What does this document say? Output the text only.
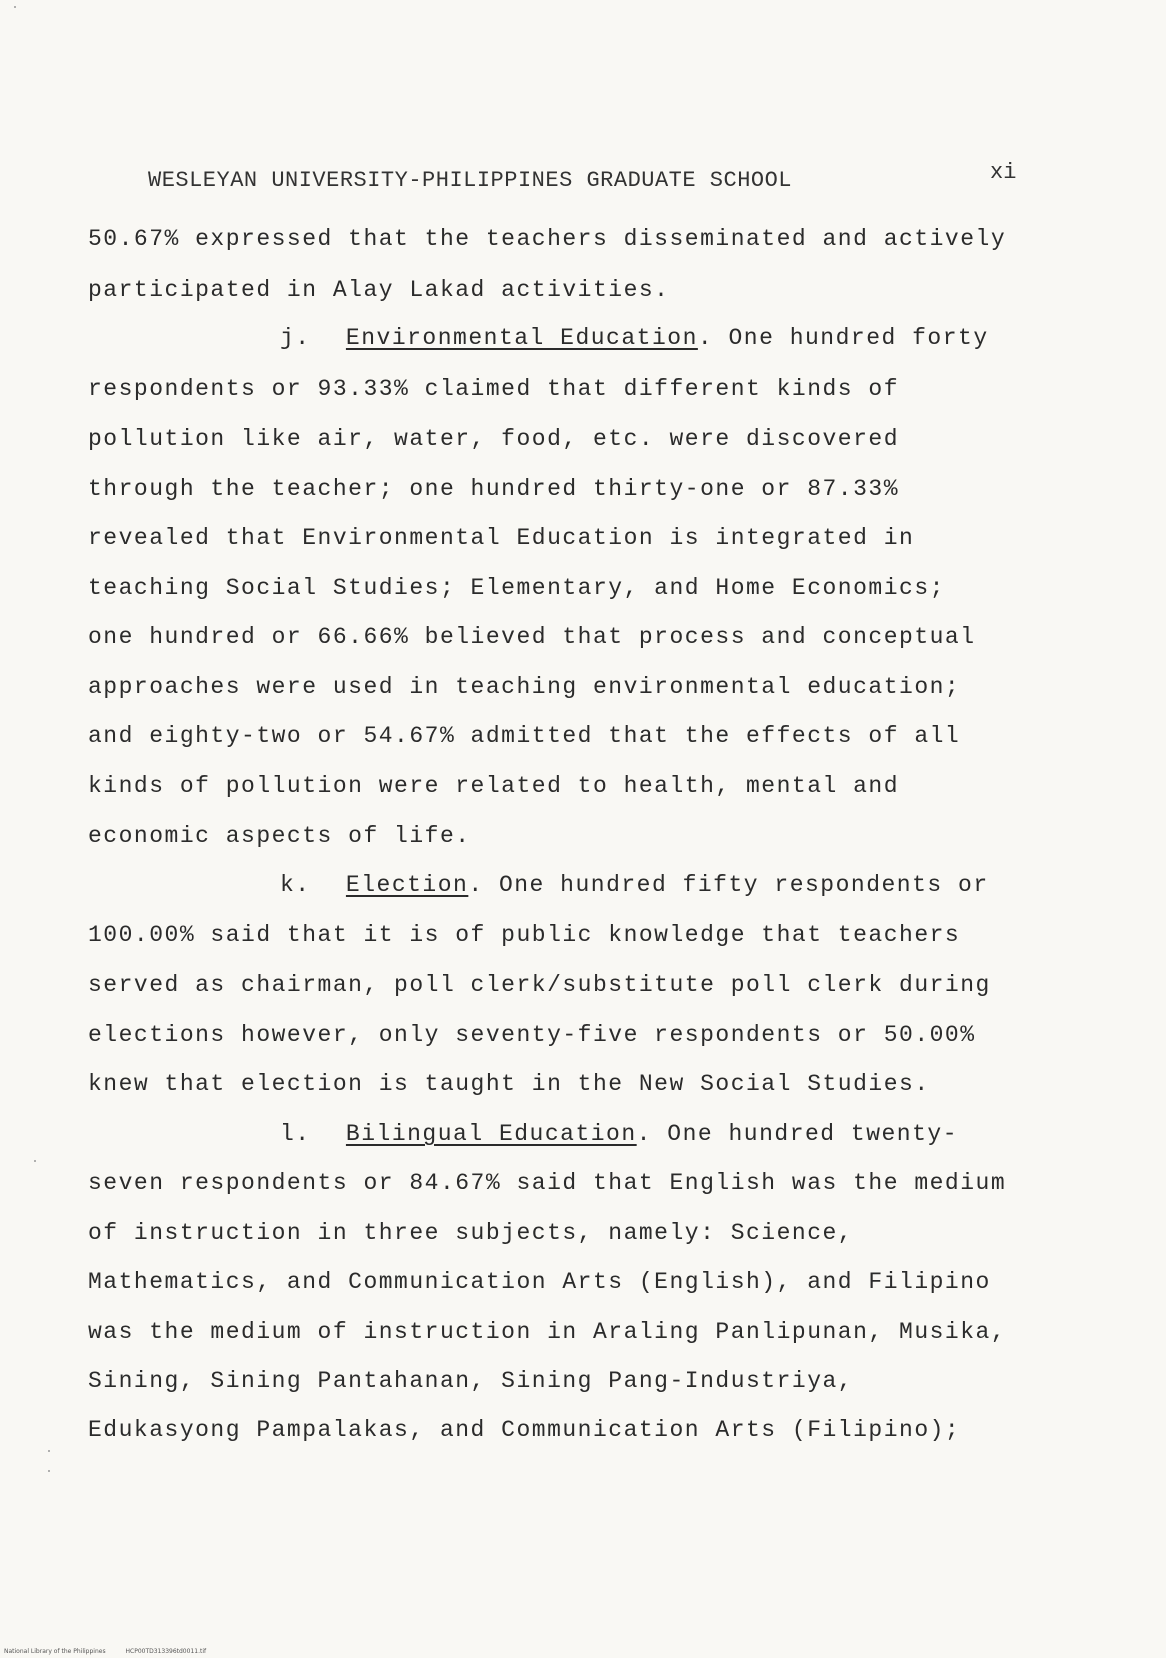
WESLEYAN UNIVERSITY-PHILIPPINES GRADUATE SCHOOL	xi
50.67% expressed that the teachers disseminated and actively
participated in Alay Lakad activities.
j. Environmental Education. One hundred forty
respondents or 93.33% claimed that different kinds of
pollution like air, water, food, etc. were discovered
through the teacher; one hundred thirty-one or 87.33%
revealed that Environmental Education is integrated in
teaching Social Studies; Elementary, and Home Economics;
one hundred or 66.66% believed that process and conceptual
approaches were used in teaching environmental education;
and eighty-two or 54.67% admitted that the effects of all
kinds of pollution were related to health, mental and
economic aspects of life.
k. Election. One hundred fifty respondents or
100.00% said that it is of public knowledge that teachers
served as chairman, poll clerk/substitute poll clerk during
elections however, only seventy-five respondents or 50.00%
knew that election is taught in the New Social Studies.
l. Bilingual Education. One hundred twenty-
seven respondents or 84.67% said that English was the medium
of instruction in three subjects, namely: Science,
Mathematics, and Communication Arts (English), and Filipino
was the medium of instruction in Araling Panlipunan, Musika,
Sining, Sining Pantahanan, Sining Pang-Industriya,
Edukasyong Pampalakas, and Communication Arts (Filipino);
National Library of the Philippines	HCP00TD313396td0011.tif
